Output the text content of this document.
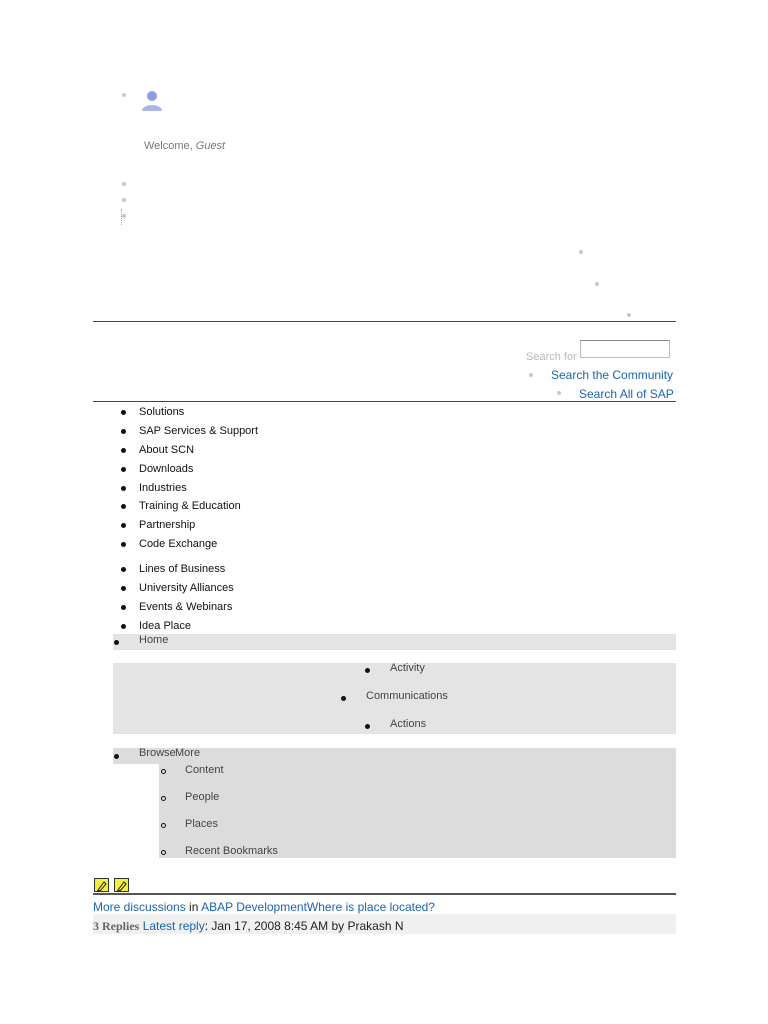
Welcome, Guest
Search for
Search the Community
Search All of SAP
Solutions
SAP Services & Support
About SCN
Downloads
Industries
Training & Education
Partnership
Code Exchange
Lines of Business
University Alliances
Events & Webinars
Idea Place
Home
Activity
Communications
Actions
Browse More
Content
People
Places
Recent Bookmarks
More discussions in ABAP DevelopmentWhere is place located?
3 Replies Latest reply: Jan 17, 2008 8:45 AM by Prakash N
